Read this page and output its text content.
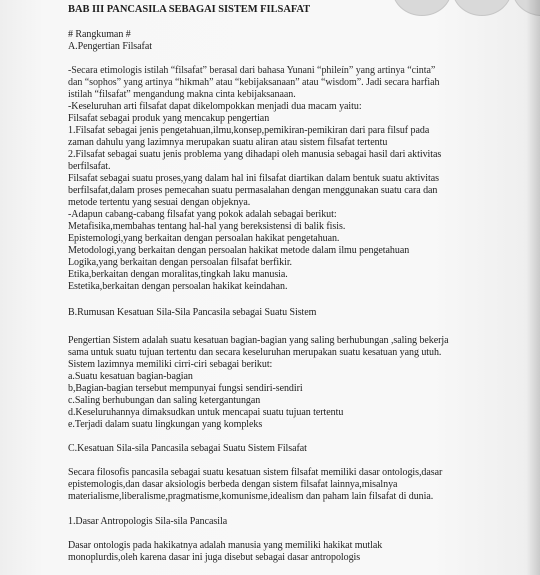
BAB III PANCASILA SEBAGAI SISTEM FILSAFAT
# Rangkuman #
A.Pengertian Filsafat
-Secara etimologis istilah “filsafat” berasal dari bahasa Yunani “phileín” yang artinya “cinta”
dan “sophos” yang artinya “hikmah” atau “kebijaksanaan” atau “wisdom”. Jadi secara harfiah
istilah “filsafat” mengandung makna cinta kebijaksanaan.
-Keseluruhan arti filsafat dapat dikelompokkan menjadi dua macam yaitu:
Filsafat sebagai produk yang mencakup pengertian
1.Filsafat sebagai jenis pengetahuan,ilmu,konsep,pemikiran-pemikiran dari para filsuf pada
zaman dahulu yang lazimnya merupakan suatu aliran atau sistem filsafat tertentu
2.Filsafat sebagai suatu jenis problema yang dihadapi oleh manusia sebagai hasil dari aktivitas
berfilsafat.
Filsafat sebagai suatu proses,yang dalam hal ini filsafat diartikan dalam bentuk suatu aktivitas
berfilsafat,dalam proses pemecahan suatu permasalahan dengan menggunakan suatu cara dan
metode tertentu yang sesuai dengan objeknya.
-Adapun cabang-cabang filsafat yang pokok adalah sebagai berikut:
Metafisika,membahas tentang hal-hal yang bereksistensi di balik fisis.
Epistemologi,yang berkaitan dengan persoalan hakikat pengetahuan.
Metodologi,yang berkaitan dengan persoalan hakikat metode dalam ilmu pengetahuan
Logika,yang berkaitan dengan persoalan filsafat berfikir.
Etika,berkaitan dengan moralitas,tingkah laku manusia.
Estetika,berkaitan dengan persoalan hakikat keindahan.
B.Rumusan Kesatuan Sila-Sila Pancasila sebagai Suatu Sistem
Pengertian Sistem adalah suatu kesatuan bagian-bagian yang saling berhubungan ,saling bekerja
sama untuk suatu tujuan tertentu dan secara keseluruhan merupakan suatu kesatuan yang utuh.
Sistem lazimnya memiliki cirri-ciri sebagai berikut:
a.Suatu kesatuan bagian-bagian
b,Bagian-bagian tersebut mempunyai fungsi sendiri-sendiri
c.Saling berhubungan dan saling ketergantungan
d.Keseluruhannya dimaksudkan untuk mencapai suatu tujuan tertentu
e.Terjadi dalam suatu lingkungan yang kompleks
C.Kesatuan Sila-sila Pancasila sebagai Suatu Sistem Filsafat
Secara filosofis pancasila sebagai suatu kesatuan sistem filsafat memiliki dasar ontologis,dasar
epistemologis,dan dasar aksiologis berbeda dengan sistem filsafat lainnya,misalnya
materialisme,liberalisme,pragmatisme,komunisme,idealism dan paham lain filsafat di dunia.
1.Dasar Antropologis Sila-sila Pancasila
Dasar ontologis pada hakikatnya adalah manusia yang memiliki hakikat mutlak
monoplurdis,oleh karena dasar ini juga disebut sebagai dasar antropologis
